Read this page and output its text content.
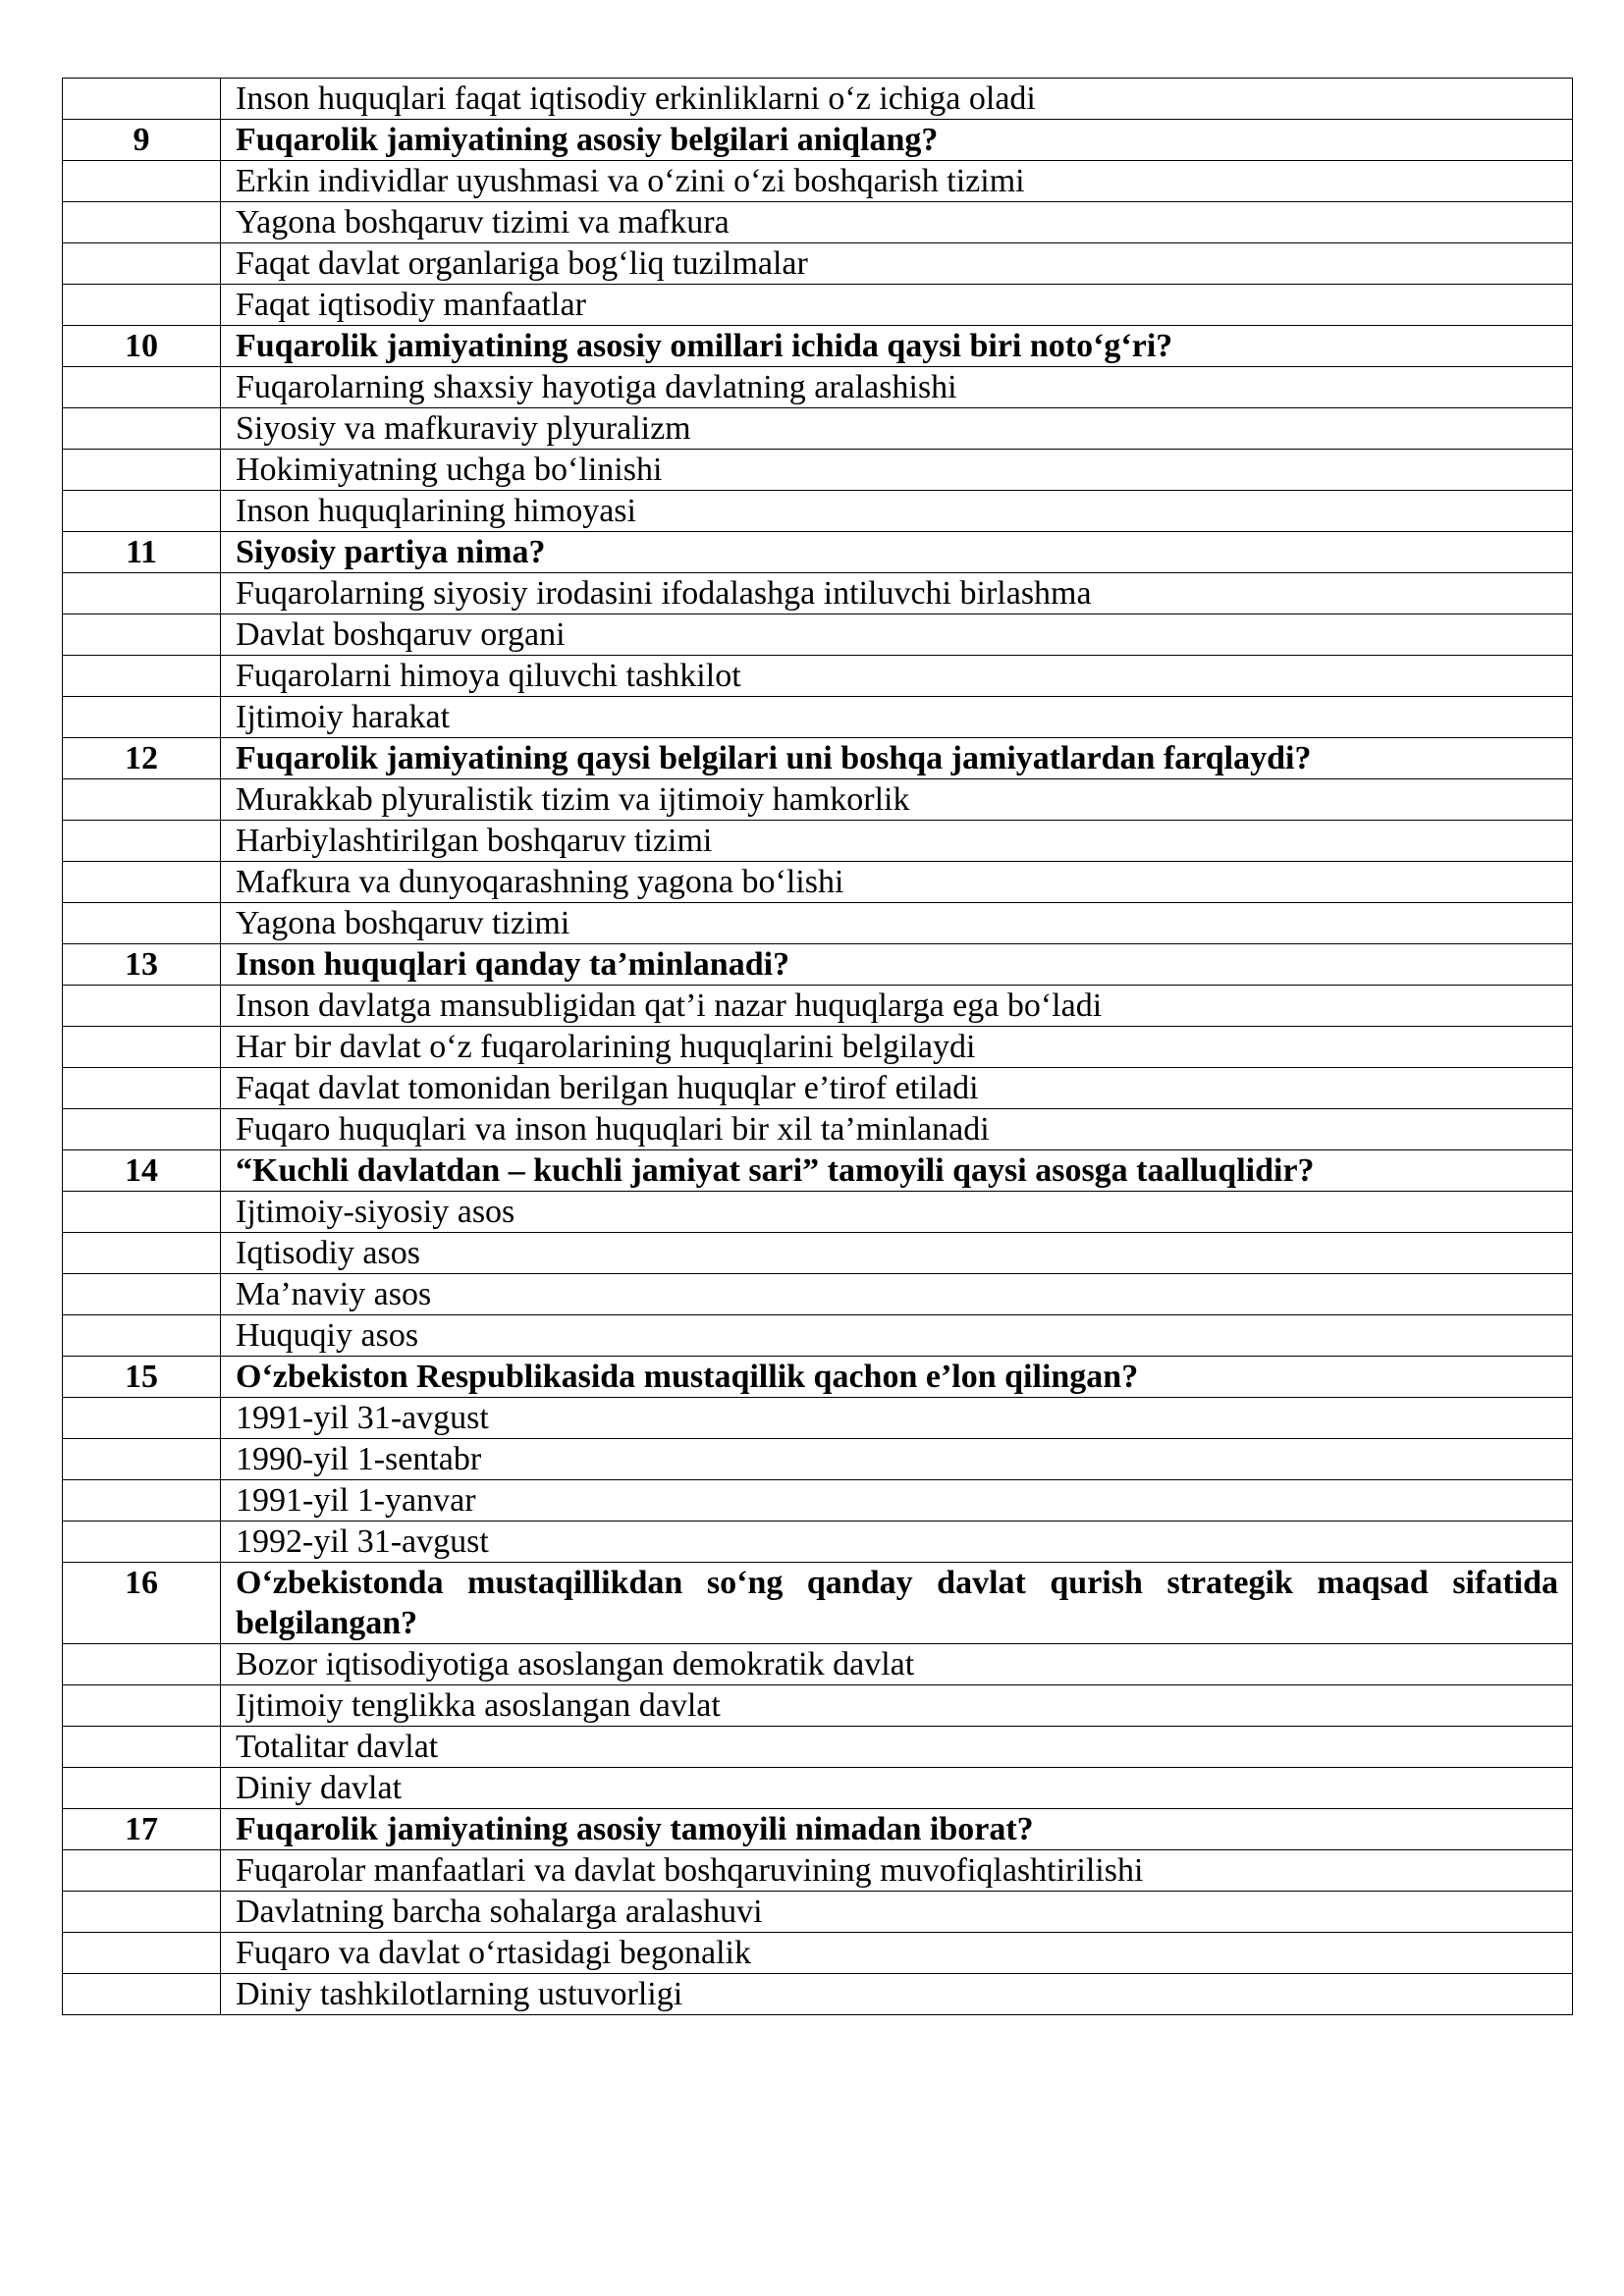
	Inson huquqlari faqat iqtisodiy erkinliklarni o‘z ichiga oladi
9	Fuqarolik jamiyatining asosiy belgilari aniqlang?
	Erkin individlar uyushmasi va o‘zini o‘zi boshqarish tizimi
	Yagona boshqaruv tizimi va mafkura
	Faqat davlat organlariga bog‘liq tuzilmalar
	Faqat iqtisodiy manfaatlar
10	Fuqarolik jamiyatining asosiy omillari ichida qaysi biri noto‘g‘ri?
	Fuqarolarning shaxsiy hayotiga davlatning aralashishi
	Siyosiy va mafkuraviy plyuralizm
	Hokimiyatning uchga bo‘linishi
	Inson huquqlarining himoyasi
11	Siyosiy partiya nima?
	Fuqarolarning siyosiy irodasini ifodalashga intiluvchi birlashma
	Davlat boshqaruv organi
	Fuqarolarni himoya qiluvchi tashkilot
	Ijtimoiy harakat
12	Fuqarolik jamiyatining qaysi belgilari uni boshqa jamiyatlardan farqlaydi?
	Murakkab plyuralistik tizim va ijtimoiy hamkorlik
	Harbiylashtirilgan boshqaruv tizimi
	Mafkura va dunyoqarashning yagona bo‘lishi
	Yagona boshqaruv tizimi
13	Inson huquqlari qanday ta’minlanadi?
	Inson davlatga mansubligidan qat’i nazar huquqlarga ega bo‘ladi
	Har bir davlat o‘z fuqarolarining huquqlarini belgilaydi
	Faqat davlat tomonidan berilgan huquqlar e’tirof etiladi
	Fuqaro huquqlari va inson huquqlari bir xil ta’minlanadi
14	“Kuchli davlatdan – kuchli jamiyat sari” tamoyili qaysi asosga taalluqlidir?
	Ijtimoiy-siyosiy asos
	Iqtisodiy asos
	Ma’naviy asos
	Huquqiy asos
15	O‘zbekiston Respublikasida mustaqillik qachon e’lon qilingan?
	1991-yil 31-avgust
	1990-yil 1-sentabr
	1991-yil 1-yanvar
	1992-yil 31-avgust
16	O‘zbekistonda mustaqillikdan so‘ng qanday davlat qurish strategik maqsad sifatida belgilangan?
	Bozor iqtisodiyotiga asoslangan demokratik davlat
	Ijtimoiy tenglikka asoslangan davlat
	Totalitar davlat
	Diniy davlat
17	Fuqarolik jamiyatining asosiy tamoyili nimadan iborat?
	Fuqarolar manfaatlari va davlat boshqaruvining muvofiqlashtirilishi
	Davlatning barcha sohalarga aralashuvi
	Fuqaro va davlat o‘rtasidagi begonalik
	Diniy tashkilotlarning ustuvorligi
